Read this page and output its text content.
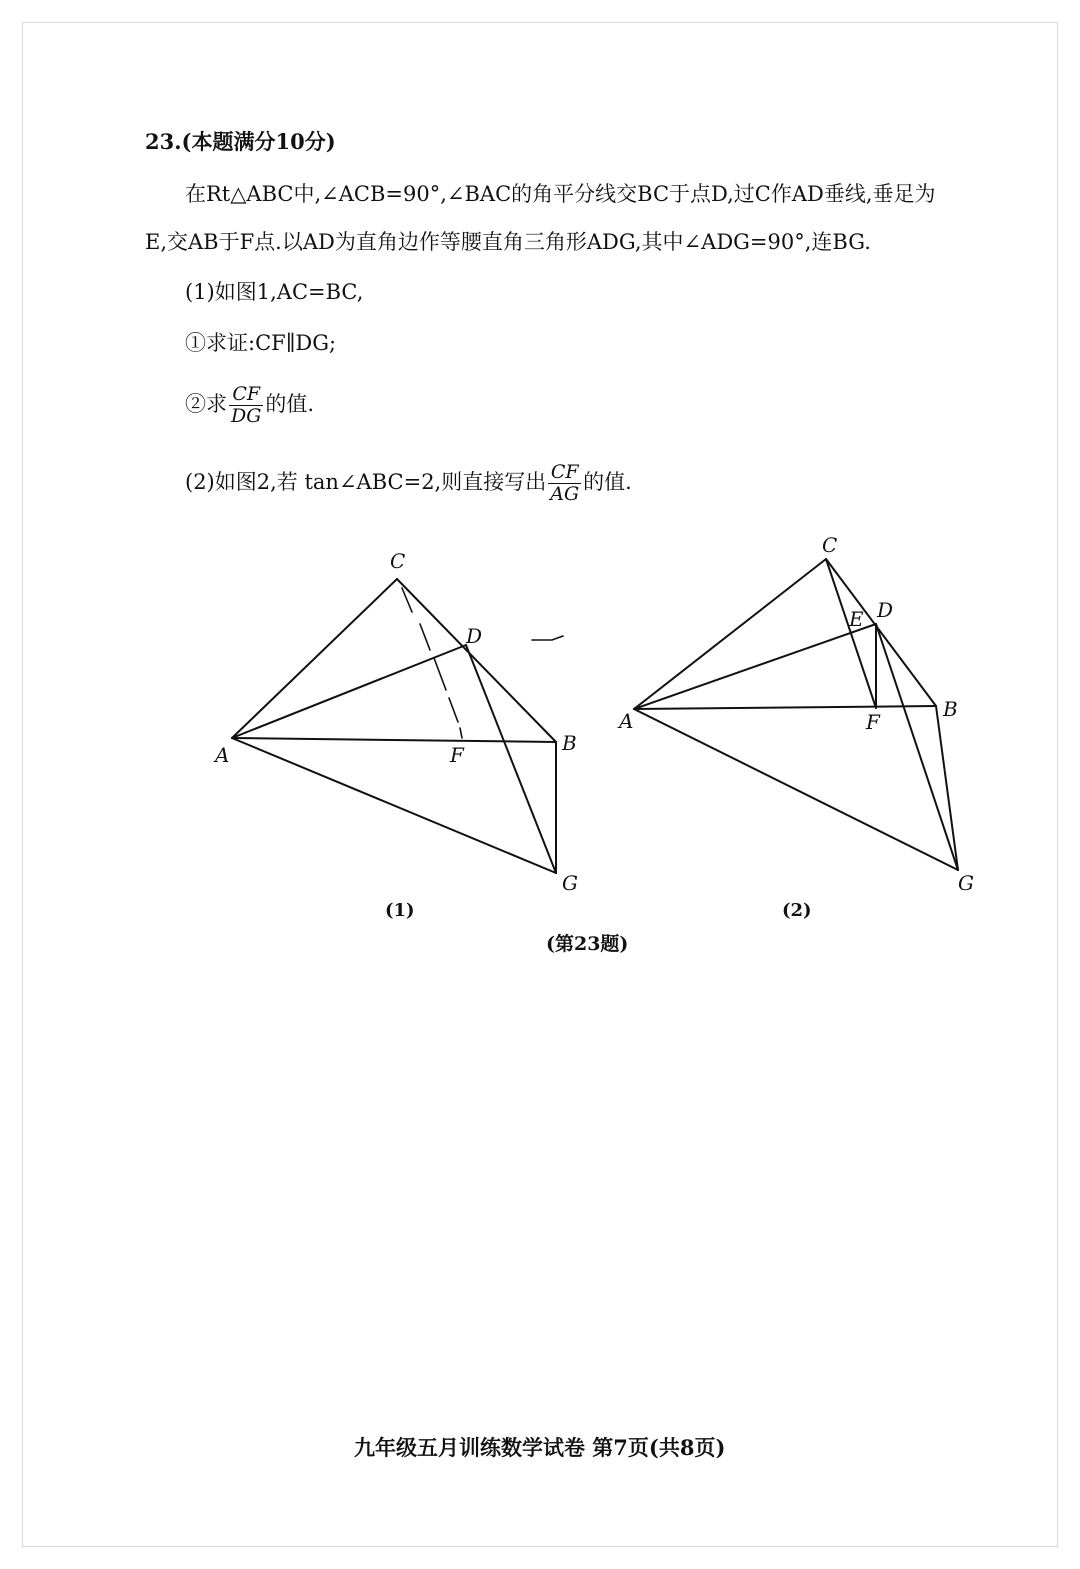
23.(本题满分10分)
在Rt△ABC中,∠ACB=90°,∠BAC的角平分线交BC于点D,过C作AD垂线,垂足为
E,交AB于F点.以AD为直角边作等腰直角三角形ADG,其中∠ADG=90°,连BG.
(1)如图1,AC=BC,
①求证:CF∥DG;
②求 $\frac{CF}{DG}$ 的值.
(2)如图2,若 tan∠ABC=2,则直接写出 $\frac{CF}{AG}$ 的值.
C
D
A	F	B
G
C
E D
A	F
B
G
(1)	(2)
(第23题)
九年级五月训练数学试卷 第7页(共8页)
